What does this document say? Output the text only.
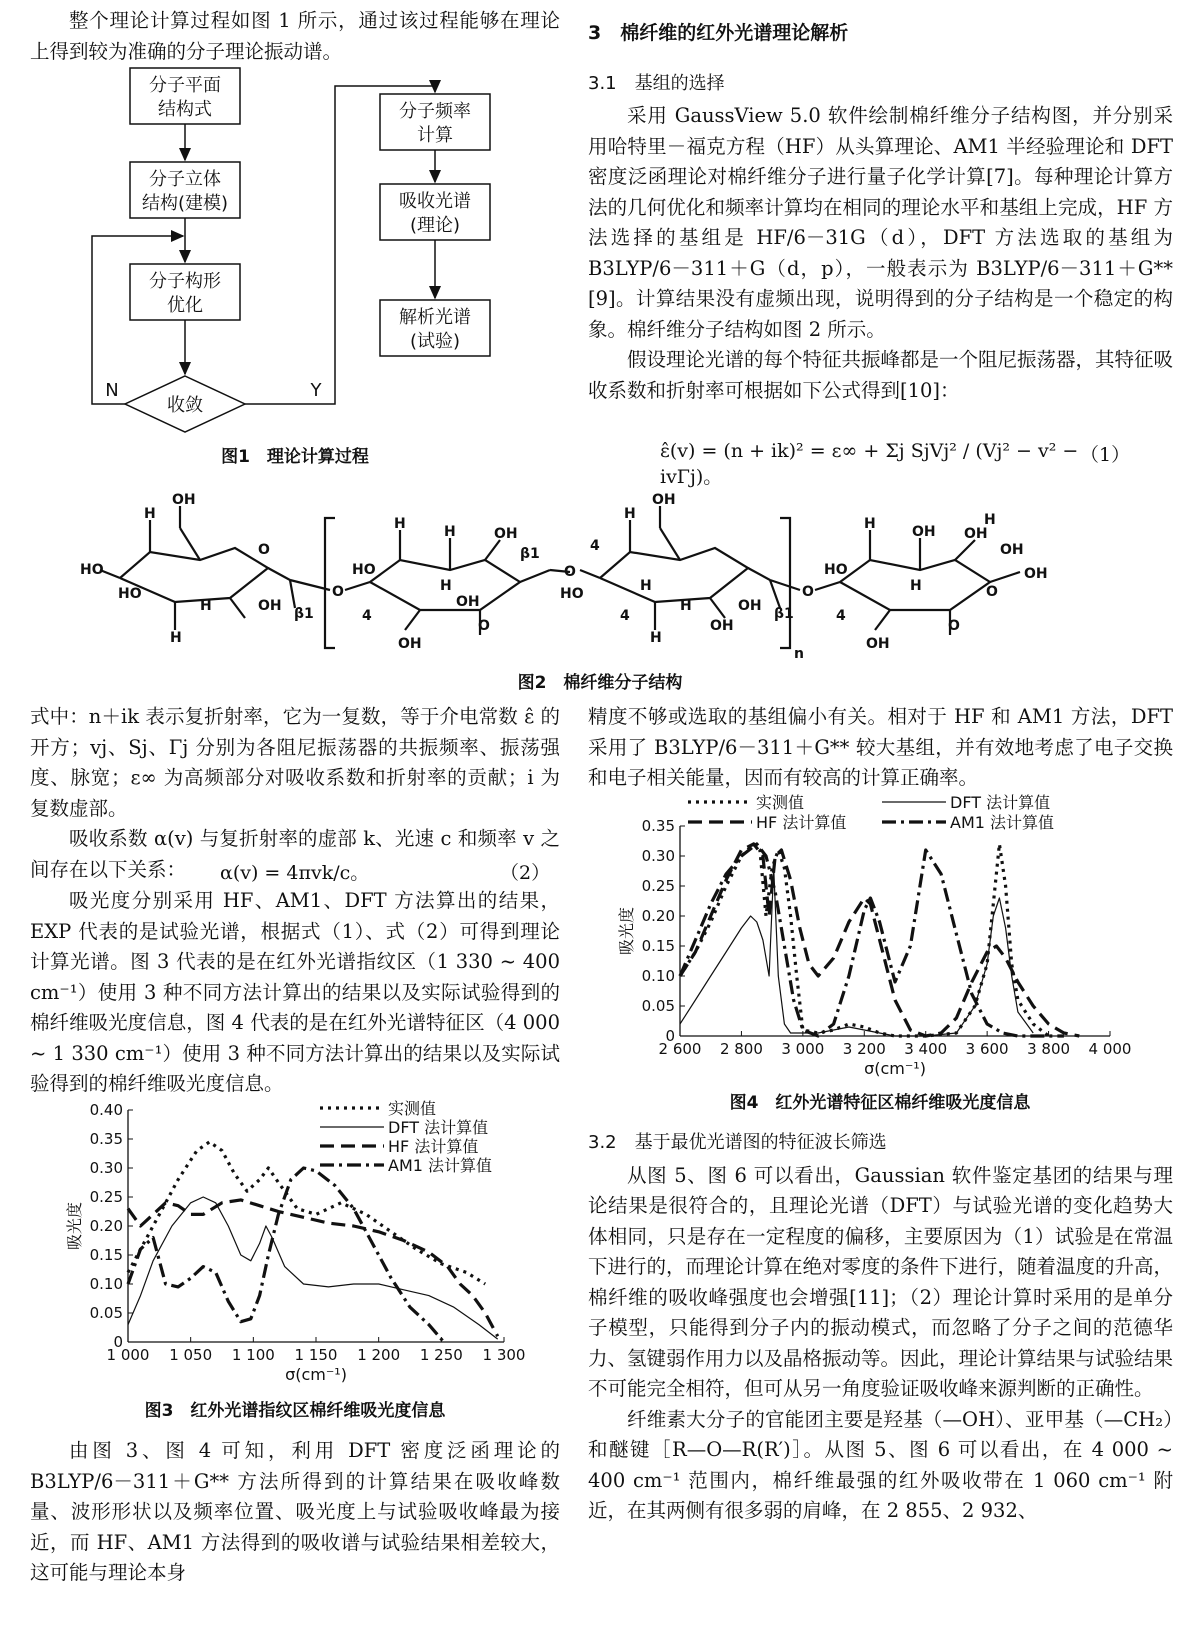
整个理论计算过程如图 1 所示，通过该过程能够在理论上得到较为准确的分子理论振动谱。

分子平面
结构式
分子立体
结构(建模)
分子构形
优化
收敛
分子频率
计算
吸收光谱
(理论)
解析光谱
(试验)
N	Y
图1　理论计算过程

3　棉纤维的红外光谱理论解析

3.1　基组的选择

采用 GaussView 5.0 软件绘制棉纤维分子结构图，并分别采用哈特里－福克方程（HF）从头算理论、AM1 半经验理论和 DFT 密度泛函理论对棉纤维分子进行量子化学计算[7]。每种理论计算方法的几何优化和频率计算均在相同的理论水平和基组上完成，HF 方法选择的基组是 HF/6－31G（d），DFT 方法选取的基组为 B3LYP/6－311＋G（d，p），一般表示为 B3LYP/6－311＋G** [9]。计算结果没有虚频出现，说明得到的分子结构是一个稳定的构象。棉纤维分子结构如图 2 所示。

假设理论光谱的每个特征共振峰都是一个阻尼振荡器，其特征吸收系数和折射率可根据如下公式得到[10]：

ε̂(v) = (n + ik)² = ε∞ + Σj SjVj² / (Vj² − v² − ivΓj)。
（1）
H
OH
O
HO
HO
H	OH
H
β1
O
H	H	OH
HO
H
OH
β1
4
O
4
H
OH
OH
β1
O
H	OH
HO
H
OH
H
n
O
HO
OH OH
4
O
H
OH
O
OH
H
4
H
OH
图2　棉纤维分子结构

式中：n＋ik 表示复折射率，它为一复数，等于介电常数 ε̂ 的开方；vj、Sj、Γj 分别为各阻尼振荡器的共振频率、振荡强度、脉宽；ε∞ 为高频部分对吸收系数和折射率的贡献；i 为复数虚部。

吸收系数 α(v) 与复折射率的虚部 k、光速 c 和频率 v 之间存在以下关系：	α(v) = 4πvk/c。	（2）

吸光度分别采用 HF、AM1、DFT 方法算出的结果，EXP 代表的是试验光谱，根据式（1）、式（2）可得到理论计算光谱。图 3 代表的是在红外光谱指纹区（1 330 ~ 400 cm⁻¹）使用 3 种不同方法计算出的结果以及实际试验得到的棉纤维吸光度信息，图 4 代表的是在红外光谱特征区（4 000 ~ 1 330 cm⁻¹）使用 3 种不同方法计算出的结果以及实际试验得到的棉纤维吸光度信息。

0
0.05
0.10
0.15
0.20
0.25
0.30
0.35
0.40
1 000 1 050 1 100 1 150 1 200 1 250 1 300
σ(cm⁻¹)
吸光度
实测值
DFT 法计算值
HF 法计算值
AM1 法计算值
图3　红外光谱指纹区棉纤维吸光度信息

由图 3、图 4 可知，利用 DFT 密度泛函理论的 B3LYP/6－311＋G** 方法所得到的计算结果在吸收峰数量、波形形状以及频率位置、吸光度上与试验吸收峰最为接近，而 HF、AM1 方法得到的吸收谱与试验结果相差较大，这可能与理论本身

精度不够或选取的基组偏小有关。相对于 HF 和 AM1 方法，DFT 采用了 B3LYP/6－311＋G** 较大基组，并有效地考虑了电子交换和电子相关能量，因而有较高的计算正确率。

0
0.05
0.10
0.15
0.20
0.25
0.30
0.35
2 600 2 800 3 000 3 200 3 400 3 600 3 800 4 000
σ(cm⁻¹)
吸光度
实测值	DFT 法计算值
HF 法计算值	AM1 法计算值
图4　红外光谱特征区棉纤维吸光度信息

3.2　基于最优光谱图的特征波长筛选

从图 5、图 6 可以看出，Gaussian 软件鉴定基团的结果与理论结果是很符合的，且理论光谱（DFT）与试验光谱的变化趋势大体相同，只是存在一定程度的偏移，主要原因为（1）试验是在常温下进行的，而理论计算在绝对零度的条件下进行，随着温度的升高，棉纤维的吸收峰强度也会增强[11]；（2）理论计算时采用的是单分子模型，只能得到分子内的振动模式，而忽略了分子之间的范德华力、氢键弱作用力以及晶格振动等。因此，理论计算结果与试验结果不可能完全相符，但可从另一角度验证吸收峰来源判断的正确性。

纤维素大分子的官能团主要是羟基（—OH）、亚甲基（—CH₂）和醚键［R—O—R(R′)］。从图 5、图 6 可以看出，在 4 000 ~ 400 cm⁻¹ 范围内，棉纤维最强的红外吸收带在 1 060 cm⁻¹ 附近，在其两侧有很多弱的肩峰，在 2 855、2 932、
